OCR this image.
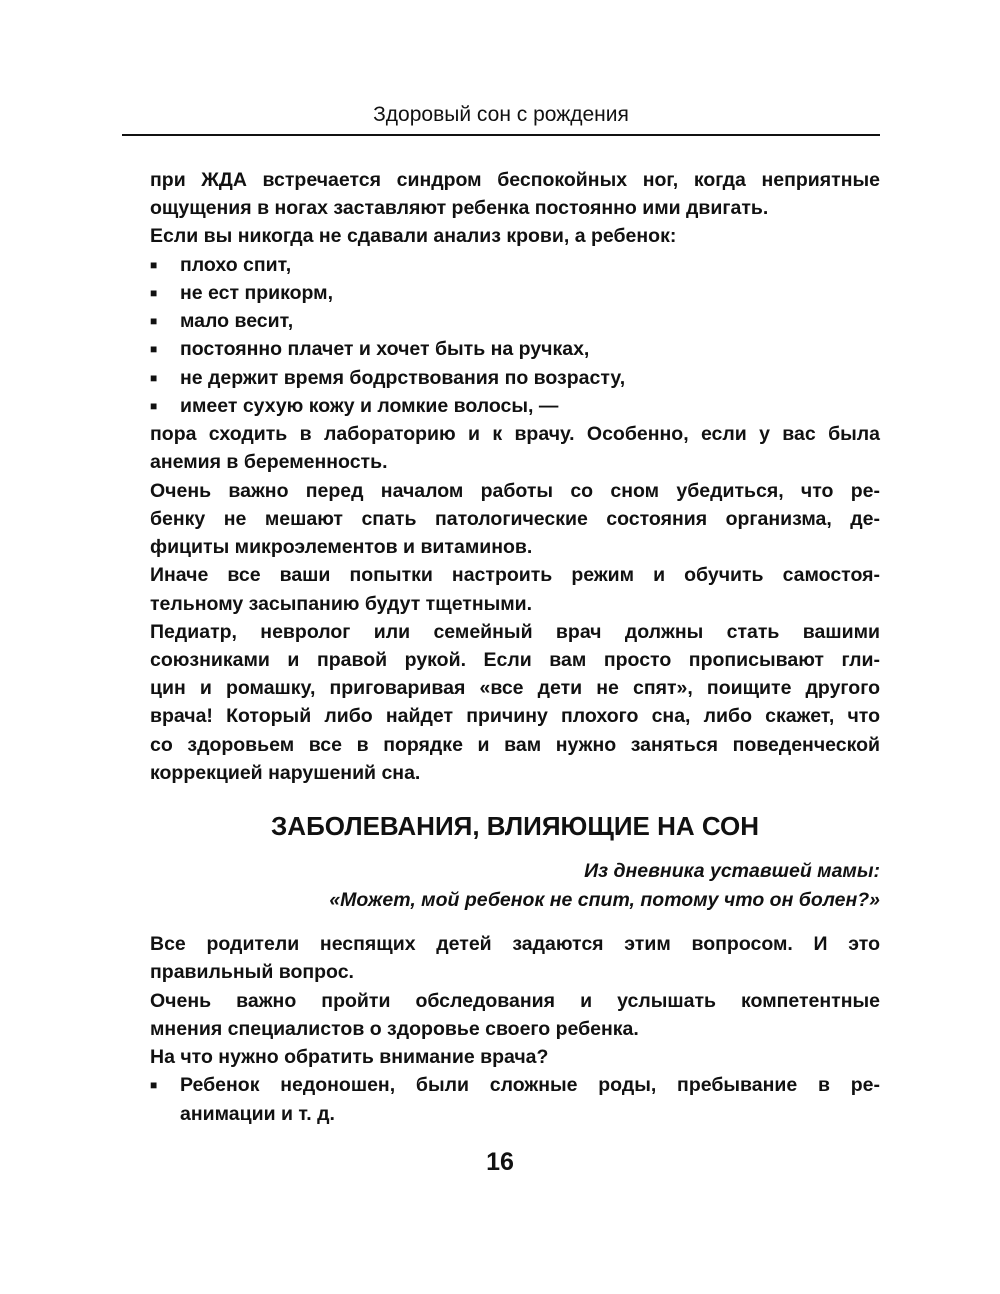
Здоровый сон с рождения
при ЖДА встречается синдром беспокойных ног, когда неприятные
ощущения в ногах заставляют ребенка постоянно ими двигать.
Если вы никогда не сдавали анализ крови, а ребенок:
■ плохо спит,
■ не ест прикорм,
■ мало весит,
■ постоянно плачет и хочет быть на ручках,
■ не держит время бодрствования по возрасту,
■ имеет сухую кожу и ломкие волосы, —
пора сходить в лабораторию и к врачу. Особенно, если у вас была
анемия в беременность.
Очень важно перед началом работы со сном убедиться, что ре-
бенку не мешают спать патологические состояния организма, де-
фициты микроэлементов и витаминов.
Иначе все ваши попытки настроить режим и обучить самостоя-
тельному засыпанию будут тщетными.
Педиатр, невролог или семейный врач должны стать вашими
союзниками и правой рукой. Если вам просто прописывают гли-
цин и ромашку, приговаривая «все дети не спят», поищите другого
врача! Который либо найдет причину плохого сна, либо скажет, что
со здоровьем все в порядке и вам нужно заняться поведенческой
коррекцией нарушений сна.
ЗАБОЛЕВАНИЯ, ВЛИЯЮЩИЕ НА СОН
Из дневника уставшей мамы:
«Может, мой ребенок не спит, потому что он болен?»
Все родители неспящих детей задаются этим вопросом. И это
правильный вопрос.
Очень важно пройти обследования и услышать компетентные
мнения специалистов о здоровье своего ребенка.
На что нужно обратить внимание врача?
■ Ребенок недоношен, были сложные роды, пребывание в ре-
анимации и т. д.
16
